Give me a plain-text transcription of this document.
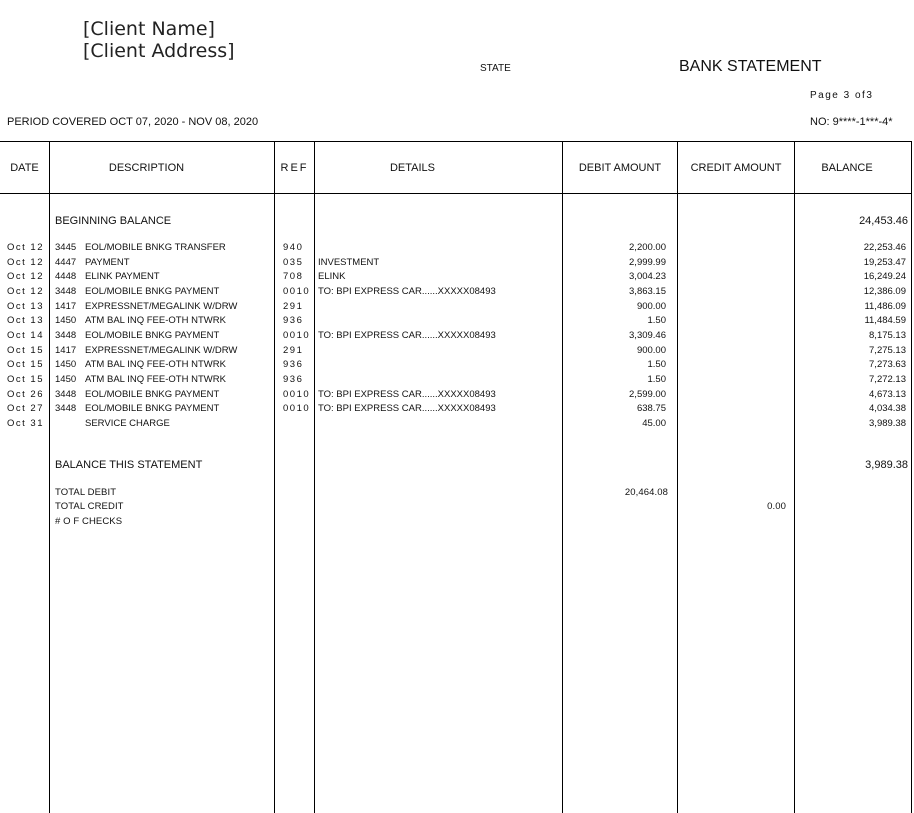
[Client Name]
[Client Address]
STATE	BANK STATEMENT
Page 3 of3
PERIOD COVERED OCT 07, 2020 - NOV 08, 2020	NO: 9****-1***-4*
DATE	DESCRIPTION	REF	DETAILS	DEBIT AMOUNT	CREDIT AMOUNT	BALANCE
BEGINNING BALANCE	24,453.46
Oct 12 3445 EOL/MOBILE BNKG TRANSFER	940	2,200.00	22,253.46
Oct 12 4447 PAYMENT	035 INVESTMENT	2,999.99	19,253.47
Oct 12 4448 ELINK PAYMENT	708 ELINK	3,004.23	16,249.24
Oct 12 3448 EOL/MOBILE BNKG PAYMENT	0010 TO: BPI EXPRESS CAR......XXXXX08493	3,863.15	12,386.09
Oct 13 1417 EXPRESSNET/MEGALINK W/DRW	291	900.00	11,486.09
Oct 13 1450 ATM BAL INQ FEE-OTH NTWRK	936	1.50	11,484.59
Oct 14 3448 EOL/MOBILE BNKG PAYMENT	0010 TO: BPI EXPRESS CAR......XXXXX08493	3,309.46	8,175.13
Oct 15 1417 EXPRESSNET/MEGALINK W/DRW	291	900.00	7,275.13
Oct 15 1450 ATM BAL INQ FEE-OTH NTWRK	936	1.50	7,273.63
Oct 15 1450 ATM BAL INQ FEE-OTH NTWRK	936	1.50	7,272.13
Oct 26 3448 EOL/MOBILE BNKG PAYMENT	0010 TO: BPI EXPRESS CAR......XXXXX08493	2,599.00	4,673.13
Oct 27 3448 EOL/MOBILE BNKG PAYMENT	0010 TO: BPI EXPRESS CAR......XXXXX08493	638.75	4,034.38
Oct 31	SERVICE CHARGE	45.00	3,989.38
BALANCE THIS STATEMENT	3,989.38
TOTAL DEBIT	20,464.08
TOTAL CREDIT	0.00
# O F CHECKS
